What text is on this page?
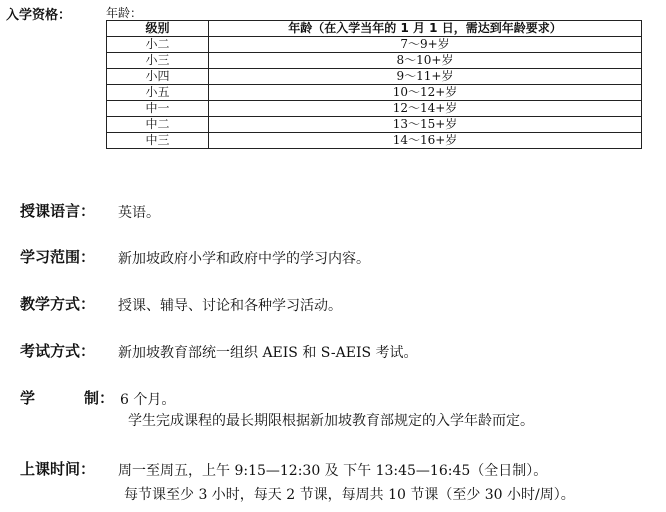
入学资格：	年龄：
级别	年龄（在入学当年的 1 月 1 日，需达到年龄要求）
小二	7～9+岁
小三	8～10+岁
小四	9～11+岁
小五	10～12+岁
中一	12～14+岁
中二	13～15+岁
中三	14～16+岁
授课语言： 英语。
学习范围： 新加坡政府小学和政府中学的学习内容。
教学方式： 授课、辅导、讨论和各种学习活动。
考试方式： 新加坡教育部统一组织 AEIS 和 S-AEIS 考试。
学	制： 6 个月。
学生完成课程的最长期限根据新加坡教育部规定的入学年龄而定。
上课时间： 周一至周五，上午 9:15—12:30 及 下午 13:45—16:45（全日制）。
每节课至少 3 小时，每天 2 节课，每周共 10 节课（至少 30 小时/周）。
